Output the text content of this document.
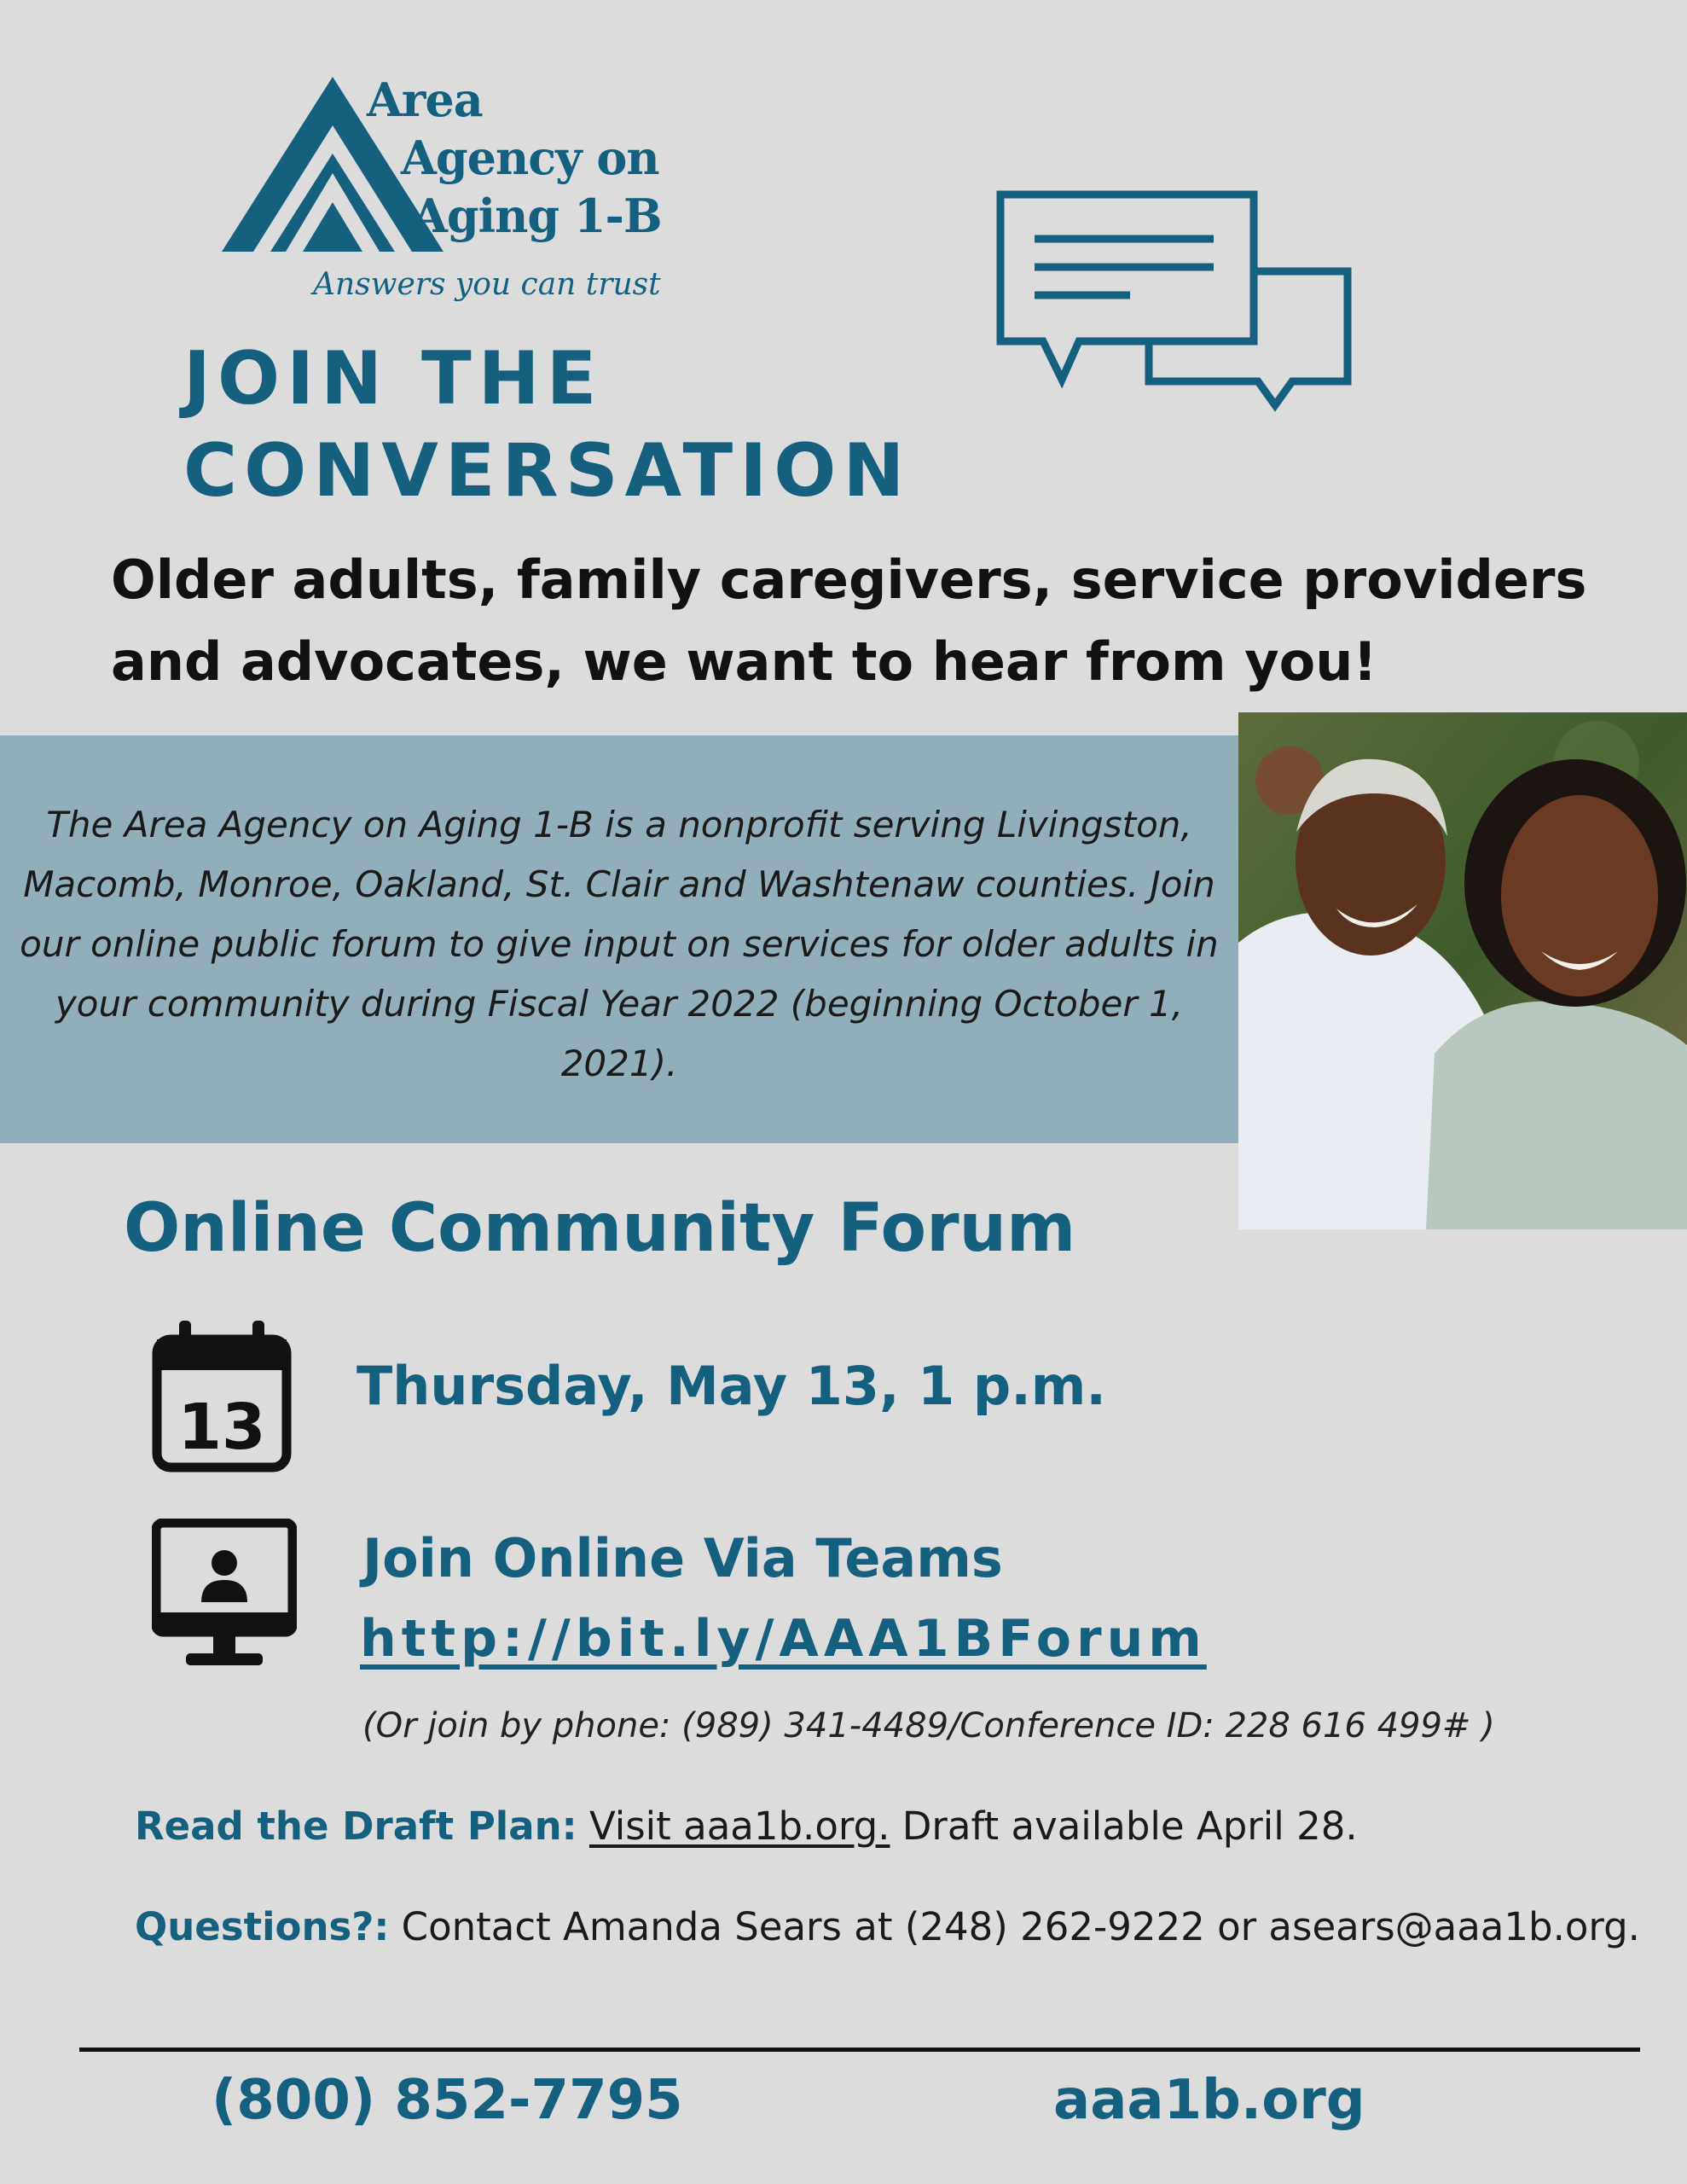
Area
Agency on
Aging 1-B
Answers you can trust
JOIN THE
CONVERSATION
Older adults, family caregivers, service providers and advocates, we want to hear from you!
The Area Agency on Aging 1-B is a nonprofit serving Livingston, Macomb, Monroe, Oakland, St. Clair and Washtenaw counties. Join our online public forum to give input on services for older adults in your community during Fiscal Year 2022 (beginning October 1, 2021).
Online Community Forum
13
Thursday, May 13, 1 p.m.
Join Online Via Teams
http://bit.ly/AAA1BForum
(Or join by phone: (989) 341-4489/Conference ID: 228 616 499# )
Read the Draft Plan: Visit aaa1b.org. Draft available April 28.
Questions?: Contact Amanda Sears at (248) 262-9222 or asears@aaa1b.org.
(800) 852-7795	aaa1b.org
